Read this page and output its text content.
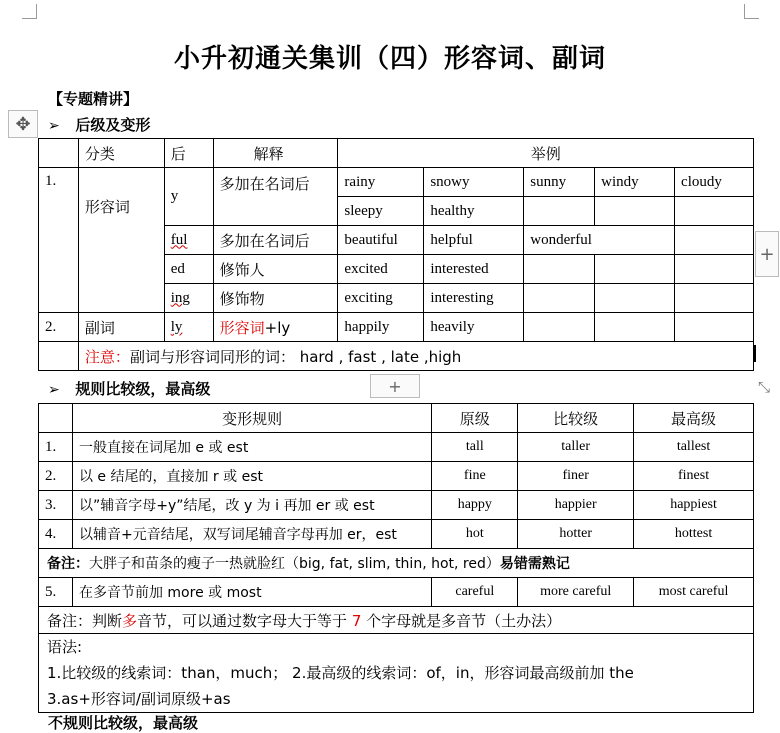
小升初通关集训（四）形容词、副词
【专题精讲】
✥ ➢ 后级及变形
	分类	后	解释	举例				
1.	形容词	y	多加在名词后	rainy	snowy	sunny	windy	cloudy
				sleepy	healthy			
		ful	多加在名词后	beautiful	helpful	wonderful		
		ed	修饰人	excited	interested			
		ing	修饰物	exciting	interesting			
2.	副词	ly	形容词+ly	happily	heavily			
	注意：副词与形容词同形的词： hard , fast , late ,high							
+
➢ 规则比较级，最高级	+	⤡
	变形规则	原级	比较级	最高级
1.	一般直接在词尾加 e 或 est	tall	taller	tallest
2.	以 e 结尾的，直接加 r 或 est	fine	finer	finest
3.	以”辅音字母+y”结尾，改 y 为 i 再加 er 或 est	happy	happier	happiest
4.	以辅音+元音结尾，双写词尾辅音字母再加 er，est	hot	hotter	hottest
备注：大胖子和苗条的瘦子一热就脸红（big, fat, slim, thin, hot, red）易错需熟记				
5.	在多音节前加 more 或 most	careful	more careful	most careful
备注：判断多音节，可以通过数字母大于等于 7 个字母就是多音节（土办法）				

语法:
1.比较级的线索词：than，much； 2.最高级的线索词：of，in，形容词最高级前加 the
3.as+形容词/副词原级+as				
不规则比较级，最高级
